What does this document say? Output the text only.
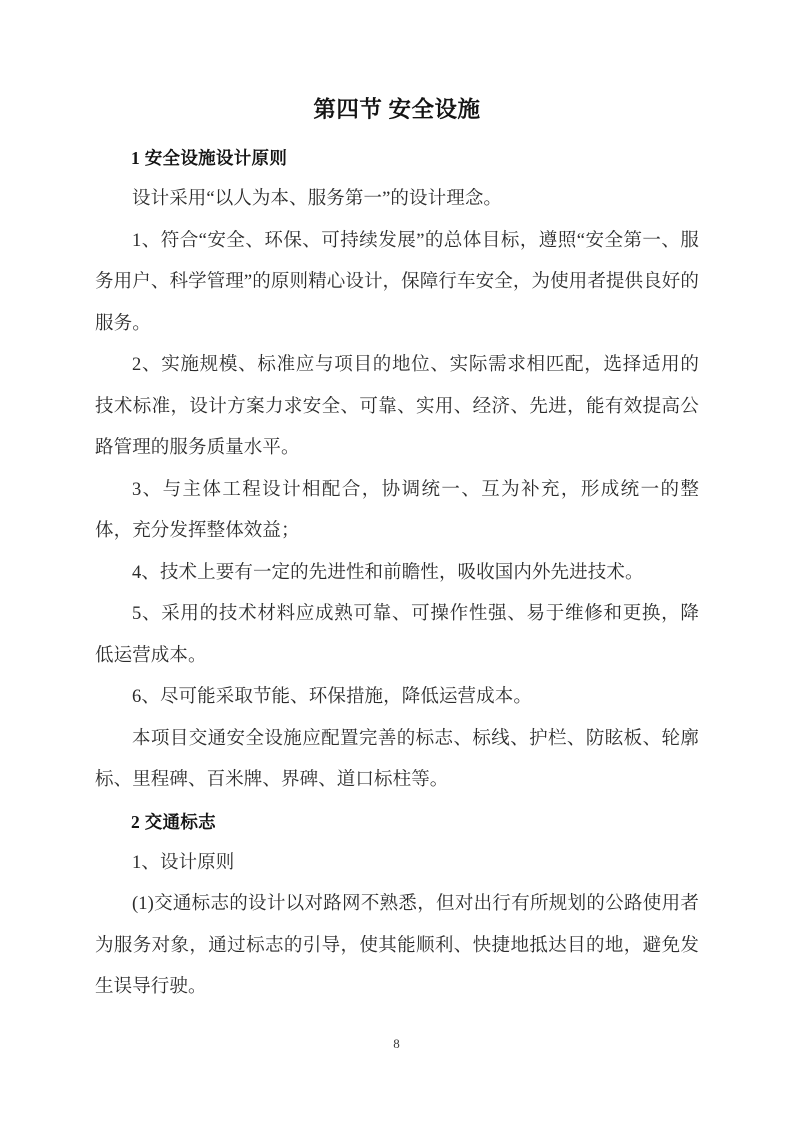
第四节 安全设施
1 安全设施设计原则

设计采用“以人为本、服务第一”的设计理念。

1、符合“安全、环保、可持续发展”的总体目标，遵照“安全第一、服务用户、科学管理”的原则精心设计，保障行车安全，为使用者提供良好的服务。

2、实施规模、标准应与项目的地位、实际需求相匹配，选择适用的技术标准，设计方案力求安全、可靠、实用、经济、先进，能有效提高公路管理的服务质量水平。

3、与主体工程设计相配合，协调统一、互为补充，形成统一的整体，充分发挥整体效益；

4、技术上要有一定的先进性和前瞻性，吸收国内外先进技术。

5、采用的技术材料应成熟可靠、可操作性强、易于维修和更换，降低运营成本。

6、尽可能采取节能、环保措施，降低运营成本。

本项目交通安全设施应配置完善的标志、标线、护栏、防眩板、轮廓标、里程碑、百米牌、界碑、道口标柱等。

2 交通标志

1、设计原则

(1)交通标志的设计以对路网不熟悉，但对出行有所规划的公路使用者为服务对象，通过标志的引导，使其能顺利、快捷地抵达目的地，避免发生误导行驶。

8
